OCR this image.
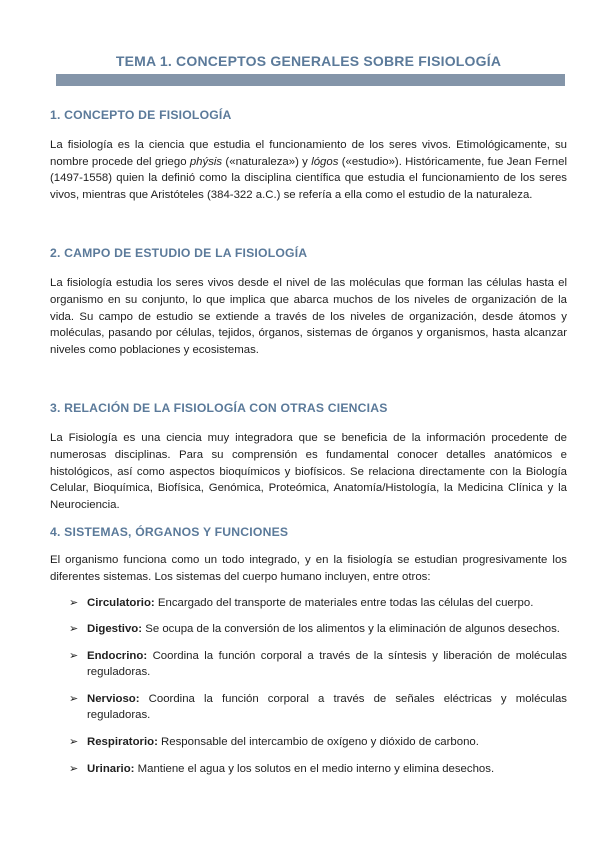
TEMA 1. CONCEPTOS GENERALES SOBRE FISIOLOGÍA
1. CONCEPTO DE FISIOLOGÍA

La fisiología es la ciencia que estudia el funcionamiento de los seres vivos. Etimológicamente, su nombre procede del griego phýsis («naturaleza») y lógos («estudio»). Históricamente, fue Jean Fernel (1497-1558) quien la definió como la disciplina científica que estudia el funcionamiento de los seres vivos, mientras que Aristóteles (384-322 a.C.) se refería a ella como el estudio de la naturaleza.

2. CAMPO DE ESTUDIO DE LA FISIOLOGÍA

La fisiología estudia los seres vivos desde el nivel de las moléculas que forman las células hasta el organismo en su conjunto, lo que implica que abarca muchos de los niveles de organización de la vida. Su campo de estudio se extiende a través de los niveles de organización, desde átomos y moléculas, pasando por células, tejidos, órganos, sistemas de órganos y organismos, hasta alcanzar niveles como poblaciones y ecosistemas.

3. RELACIÓN DE LA FISIOLOGÍA CON OTRAS CIENCIAS

La Fisiología es una ciencia muy integradora que se beneficia de la información procedente de numerosas disciplinas. Para su comprensión es fundamental conocer detalles anatómicos e histológicos, así como aspectos bioquímicos y biofísicos. Se relaciona directamente con la Biología Celular, Bioquímica, Biofísica, Genómica, Proteómica, Anatomía/Histología, la Medicina Clínica y la Neurociencia.

4. SISTEMAS, ÓRGANOS Y FUNCIONES

El organismo funciona como un todo integrado, y en la fisiología se estudian progresivamente los diferentes sistemas. Los sistemas del cuerpo humano incluyen, entre otros:

➢ Circulatorio: Encargado del transporte de materiales entre todas las células del cuerpo.
➢ Digestivo: Se ocupa de la conversión de los alimentos y la eliminación de algunos desechos.
➢ Endocrino: Coordina la función corporal a través de la síntesis y liberación de moléculas reguladoras.
➢ Nervioso: Coordina la función corporal a través de señales eléctricas y moléculas reguladoras.
➢ Respiratorio: Responsable del intercambio de oxígeno y dióxido de carbono.
➢ Urinario: Mantiene el agua y los solutos en el medio interno y elimina desechos.
